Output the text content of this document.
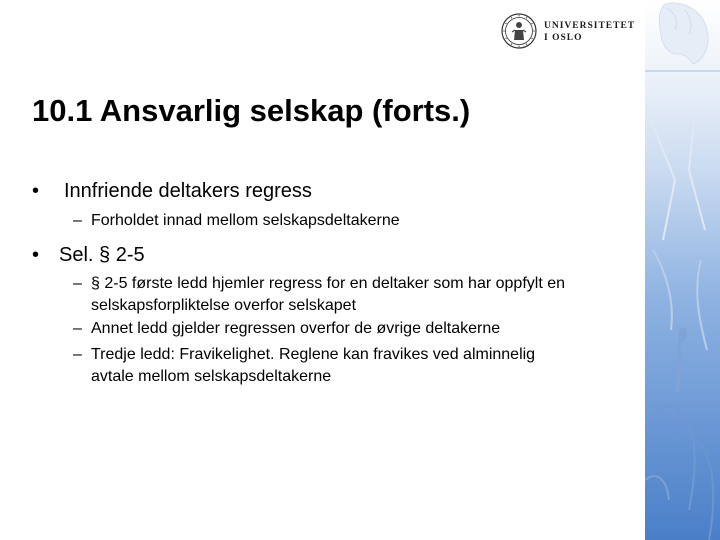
UNIVERSITETET
I OSLO
10.1 Ansvarlig selskap (forts.)
• Innfriende deltakers regress
– Forholdet innad mellom selskapsdeltakerne
• Sel. § 2-5
– § 2-5 første ledd hjemler regress for en deltaker som har oppfylt en
selskapsforpliktelse overfor selskapet
– Annet ledd gjelder regressen overfor de øvrige deltakerne
– Tredje ledd: Fravikelighet. Reglene kan fravikes ved alminnelig
avtale mellom selskapsdeltakerne
